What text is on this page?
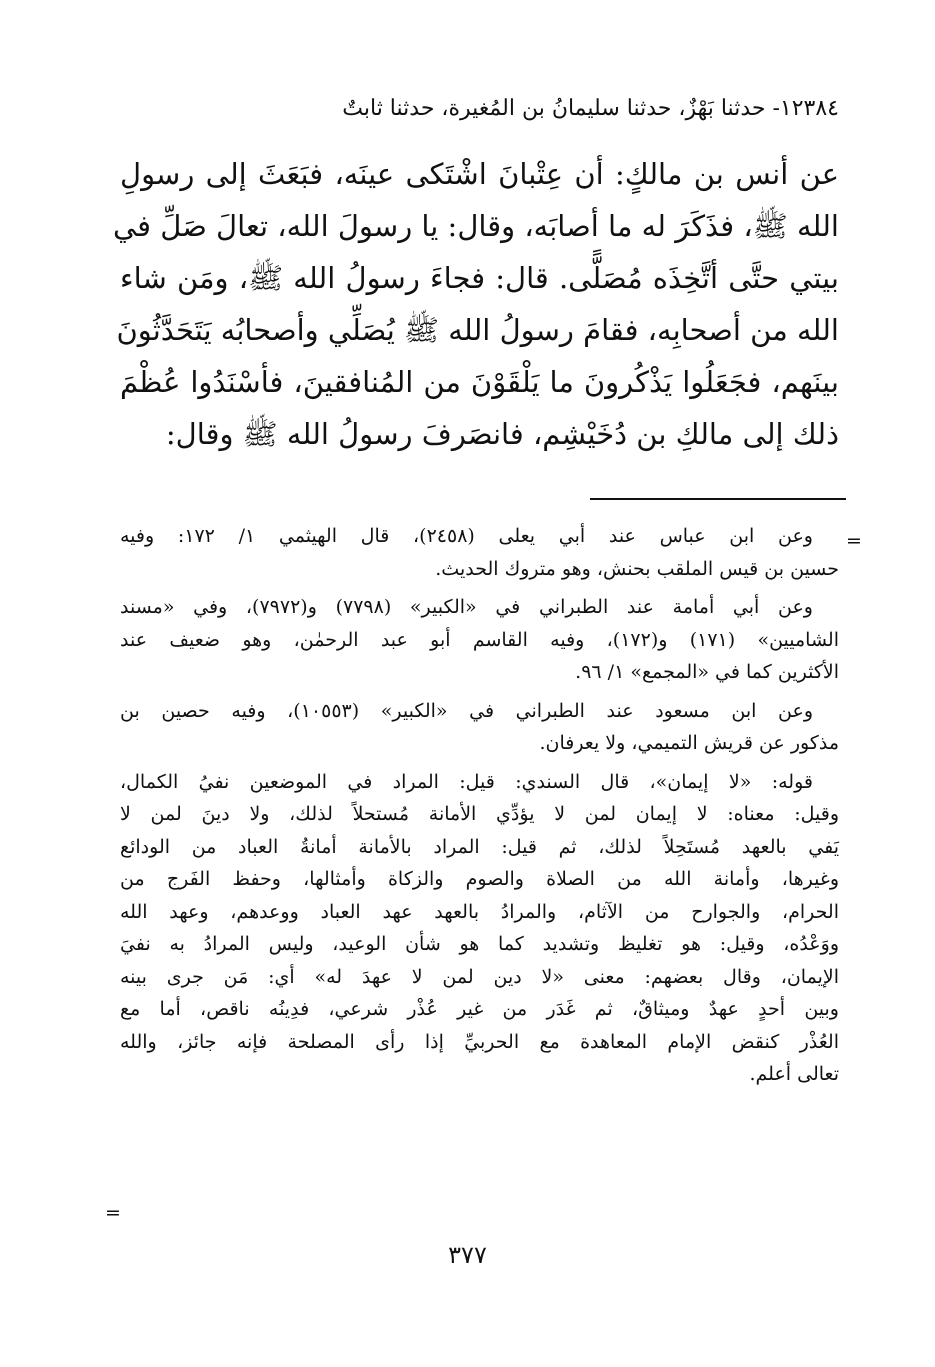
١٢٣٨٤- حدثنا بَهْزٌ، حدثنا سليمانُ بن المُغيرة، حدثنا ثابتٌ
عن أنس بن مالكٍ: أن عِتْبانَ اشْتَكى عينَه، فبَعَثَ إلى رسولِ
الله ﷺ، فذَكَرَ له ما أصابَه، وقال: يا رسولَ الله، تعالَ صَلِّ في
بيتي حتَّى أتَّخِذَه مُصَلًّى. قال: فجاءَ رسولُ الله ﷺ، ومَن شاء
الله من أصحابِه، فقامَ رسولُ الله ﷺ يُصَلِّي وأصحابُه يَتَحَدَّثُونَ
بينَهم، فجَعَلُوا يَذْكُرونَ ما يَلْقَوْنَ من المُنافقينَ، فأسْنَدُوا عُظْمَ
ذلك إلى مالكِ بن دُخَيْشِم، فانصَرفَ رسولُ الله ﷺ وقال:
=
وعن ابن عباس عند أبي يعلى (٢٤٥٨)، قال الهيثمي ١/ ١٧٢: وفيه
حسين بن قيس الملقب بحنش، وهو متروك الحديث.
وعن أبي أمامة عند الطبراني في «الكبير» (٧٧٩٨) و(٧٩٧٢)، وفي «مسند
الشاميين» (١٧١) و(١٧٢)، وفيه القاسم أبو عبد الرحمٰن، وهو ضعيف عند
الأكثرين كما في «المجمع» ١/ ٩٦.
وعن ابن مسعود عند الطبراني في «الكبير» (١٠٥٥٣)، وفيه حصين بن
مذكور عن قريش التميمي، ولا يعرفان.
قوله: «لا إيمان»، قال السندي: قيل: المراد في الموضعين نفيُ الكمال،
وقيل: معناه: لا إيمان لمن لا يؤدِّي الأمانة مُستحلاً لذلك، ولا دينَ لمن لا
يَفي بالعهد مُستَحِلاً لذلك، ثم قيل: المراد بالأمانة أمانةُ العباد من الودائع
وغيرها، وأمانة الله من الصلاة والصوم والزكاة وأمثالها، وحفظ الفَرج من
الحرام، والجوارح من الآثام، والمرادُ بالعهد عهد العباد ووعدهم، وعهد الله
ووَعْدُه، وقيل: هو تغليظ وتشديد كما هو شأن الوعيد، وليس المرادُ به نفيَ
الإيمان، وقال بعضهم: معنى «لا دين لمن لا عهدَ له» أي: مَن جرى بينه
وبين أحدٍ عهدٌ وميثاقٌ، ثم غَدَر من غير عُذْر شرعي، فدِينُه ناقص، أما مع
العُذْر كنقض الإمام المعاهدة مع الحربيِّ إذا رأى المصلحة فإنه جائز، والله
تعالى أعلم.
=
٣٧٧
